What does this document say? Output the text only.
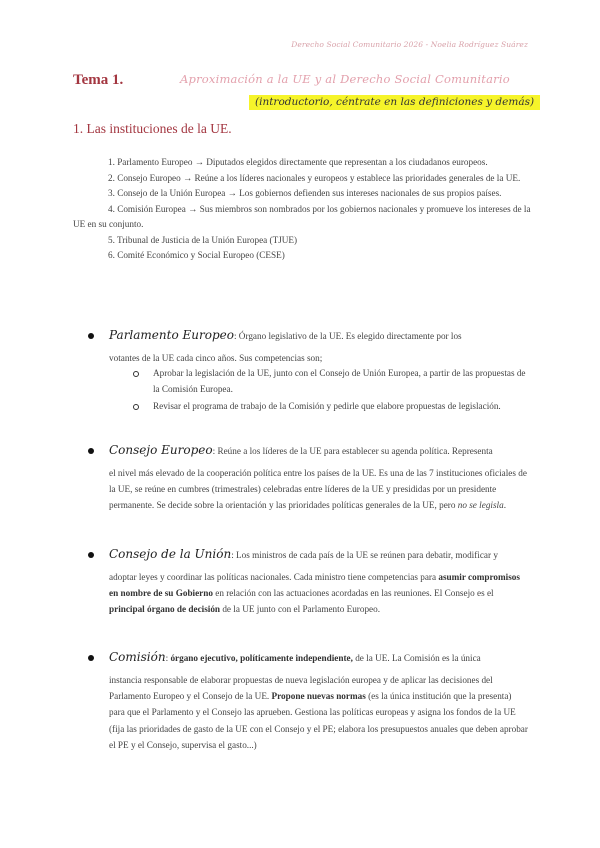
Derecho Social Comunitario 2026 - Noelia Rodríguez Suárez
Tema 1.	Aproximación a la UE y al Derecho Social Comunitario
(introductorio, céntrate en las definiciones y demás)
1. Las instituciones de la UE.

1. Parlamento Europeo → Diputados elegidos directamente que representan a los ciudadanos europeos.

2. Consejo Europeo → Reúne a los líderes nacionales y europeos y establece las prioridades generales de la UE.

3. Consejo de la Unión Europea → Los gobiernos defienden sus intereses nacionales de sus propios países.

4. Comisión Europea → Sus miembros son nombrados por los gobiernos nacionales y promueve los intereses de la UE en su conjunto.

5. Tribunal de Justicia de la Unión Europea (TJUE)

6. Comité Económico y Social Europeo (CESE)

Parlamento Europeo: Órgano legislativo de la UE. Es elegido directamente por los
votantes de la UE cada cinco años. Sus competencias son;
Aprobar la legislación de la UE, junto con el Consejo de Unión Europea, a partir de las propuestas de la Comisión Europea.
Revisar el programa de trabajo de la Comisión y pedirle que elabore propuestas de legislación.
Consejo Europeo: Reúne a los líderes de la UE para establecer su agenda política. Representa
el nivel más elevado de la cooperación política entre los países de la UE. Es una de las 7 instituciones oficiales de la UE, se reúne en cumbres (trimestrales) celebradas entre líderes de la UE y presididas por un presidente permanente. Se decide sobre la orientación y las prioridades políticas generales de la UE, pero no se legisla.
Consejo de la Unión: Los ministros de cada país de la UE se reúnen para debatir, modificar y
adoptar leyes y coordinar las políticas nacionales. Cada ministro tiene competencias para asumir compromisos en nombre de su Gobierno en relación con las actuaciones acordadas en las reuniones. El Consejo es el principal órgano de decisión de la UE junto con el Parlamento Europeo.
Comisión: órgano ejecutivo, políticamente independiente, de la UE. La Comisión es la única
instancia responsable de elaborar propuestas de nueva legislación europea y de aplicar las decisiones del Parlamento Europeo y el Consejo de la UE. Propone nuevas normas (es la única institución que la presenta) para que el Parlamento y el Consejo las aprueben. Gestiona las políticas europeas y asigna los fondos de la UE (fija las prioridades de gasto de la UE con el Consejo y el PE; elabora los presupuestos anuales que deben aprobar el PE y el Consejo, supervisa el gasto...)
